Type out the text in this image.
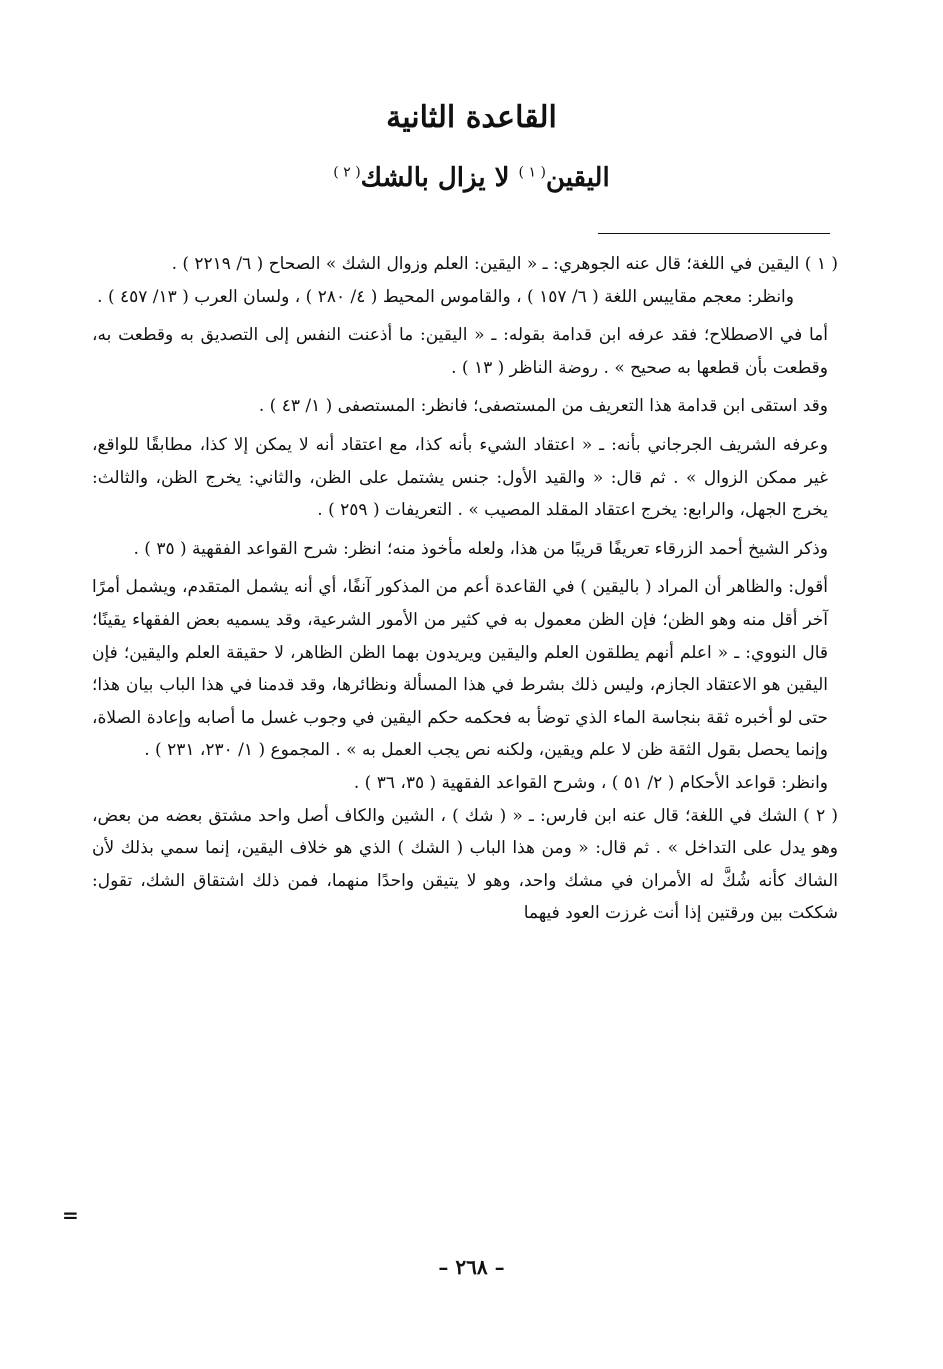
القاعدة الثانية
اليقين$^{( ١ )}$ لا يزال بالشك$^{( ٢ )}$

( ١ ) اليقين في اللغة؛ قال عنه الجوهري: ـ « اليقين: العلم وزوال الشك » الصحاح ( ٦/ ٢٢١٩ ) .

وانظر: معجم مقاييس اللغة ( ٦/ ١٥٧ ) ، والقاموس المحيط ( ٤/ ٢٨٠ ) ، ولسان العرب ( ١٣/ ٤٥٧ ) .

أما في الاصطلاح؛ فقد عرفه ابن قدامة بقوله: ـ « اليقين: ما أذعنت النفس إلى التصديق به وقطعت به، وقطعت بأن قطعها به صحيح » . روضة الناظر ( ١٣ ) .

وقد استقى ابن قدامة هذا التعريف من المستصفى؛ فانظر: المستصفى ( ١/ ٤٣ ) .

وعرفه الشريف الجرجاني بأنه: ـ « اعتقاد الشيء بأنه كذا، مع اعتقاد أنه لا يمكن إلا كذا، مطابقًا للواقع، غير ممكن الزوال » . ثم قال: « والقيد الأول: جنس يشتمل على الظن، والثاني: يخرج الظن، والثالث: يخرج الجهل، والرابع: يخرج اعتقاد المقلد المصيب » . التعريفات ( ٢٥٩ ) .

وذكر الشيخ أحمد الزرقاء تعريفًا قريبًا من هذا، ولعله مأخوذ منه؛ انظر: شرح القواعد الفقهية ( ٣٥ ) .

أقول: والظاهر أن المراد ( باليقين ) في القاعدة أعم من المذكور آنفًا، أي أنه يشمل المتقدم، ويشمل أمرًا آخر أقل منه وهو الظن؛ فإن الظن معمول به في كثير من الأمور الشرعية، وقد يسميه بعض الفقهاء يقينًا؛ قال النووي: ـ « اعلم أنهم يطلقون العلم واليقين ويريدون بهما الظن الظاهر، لا حقيقة العلم واليقين؛ فإن اليقين هو الاعتقاد الجازم، وليس ذلك بشرط في هذا المسألة ونظائرها، وقد قدمنا في هذا الباب بيان هذا؛ حتى لو أخبره ثقة بنجاسة الماء الذي توضأ به فحكمه حكم اليقين في وجوب غسل ما أصابه وإعادة الصلاة، وإنما يحصل بقول الثقة ظن لا علم ويقين، ولكنه نص يجب العمل به » . المجموع ( ١/ ٢٣٠، ٢٣١ ) .

وانظر: قواعد الأحكام ( ٢/ ٥١ ) ، وشرح القواعد الفقهية ( ٣٥، ٣٦ ) .

( ٢ ) الشك في اللغة؛ قال عنه ابن فارس: ـ « ( شك ) ، الشين والكاف أصل واحد مشتق بعضه من بعض، وهو يدل على التداخل » . ثم قال: « ومن هذا الباب ( الشك ) الذي هو خلاف اليقين، إنما سمي بذلك لأن الشاك كأنه شُكَّ له الأمران في مشك واحد، وهو لا يتيقن واحدًا منهما، فمن ذلك اشتقاق الشك، تقول: شككت بين ورقتين إذا أنت غرزت العود فيهما

=
– ٢٦٨ –
